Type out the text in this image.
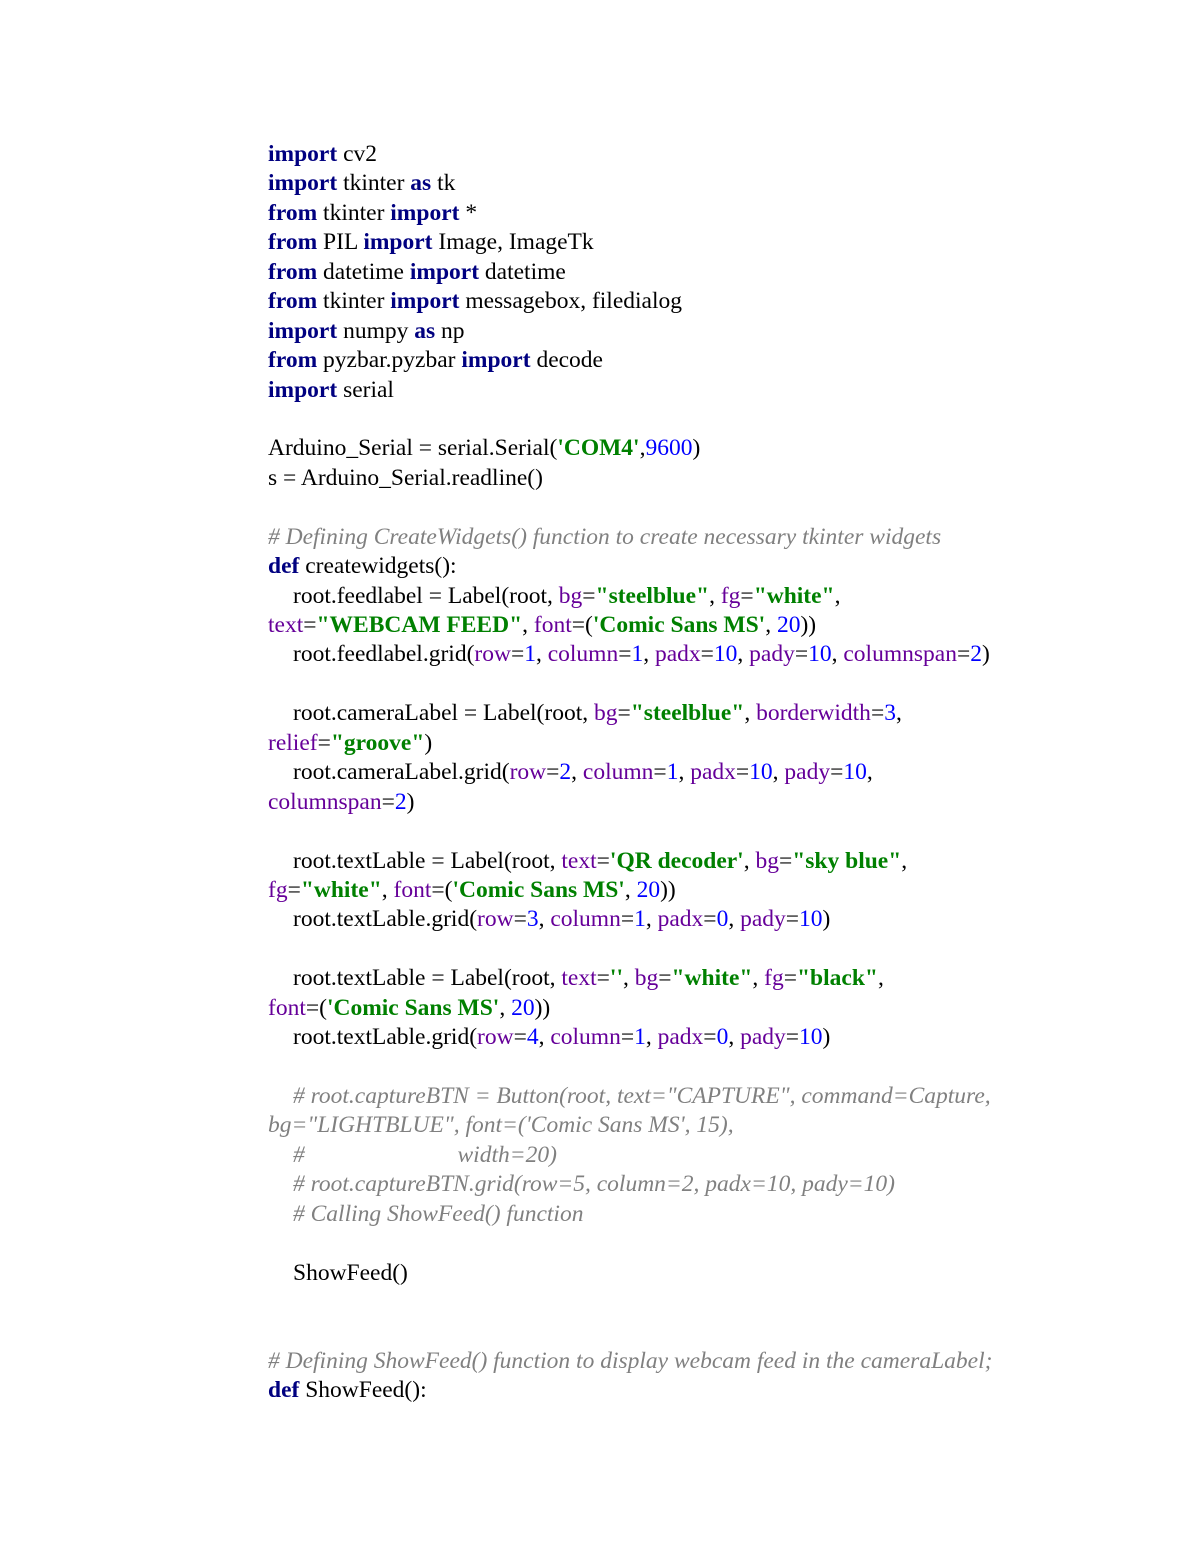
import cv2
import tkinter as tk
from tkinter import *
from PIL import Image, ImageTk
from datetime import datetime
from tkinter import messagebox, filedialog
import numpy as np
from pyzbar.pyzbar import decode
import serial
Arduino_Serial = serial.Serial('COM4',9600)
s = Arduino_Serial.readline()
# Defining CreateWidgets() function to create necessary tkinter widgets
def createwidgets():
root.feedlabel = Label(root, bg="steelblue", fg="white",
text="WEBCAM FEED", font=('Comic Sans MS', 20))
root.feedlabel.grid(row=1, column=1, padx=10, pady=10, columnspan=2)
root.cameraLabel = Label(root, bg="steelblue", borderwidth=3,
relief="groove")
root.cameraLabel.grid(row=2, column=1, padx=10, pady=10,
columnspan=2)
root.textLable = Label(root, text='QR decoder', bg="sky blue",
fg="white", font=('Comic Sans MS', 20))
root.textLable.grid(row=3, column=1, padx=0, pady=10)
root.textLable = Label(root, text='', bg="white", fg="black",
font=('Comic Sans MS', 20))
root.textLable.grid(row=4, column=1, padx=0, pady=10)
# root.captureBTN = Button(root, text="CAPTURE", command=Capture,
bg="LIGHTBLUE", font=('Comic Sans MS', 15),
#                          width=20)
# root.captureBTN.grid(row=5, column=2, padx=10, pady=10)
# Calling ShowFeed() function
ShowFeed()
# Defining ShowFeed() function to display webcam feed in the cameraLabel;
def ShowFeed():
